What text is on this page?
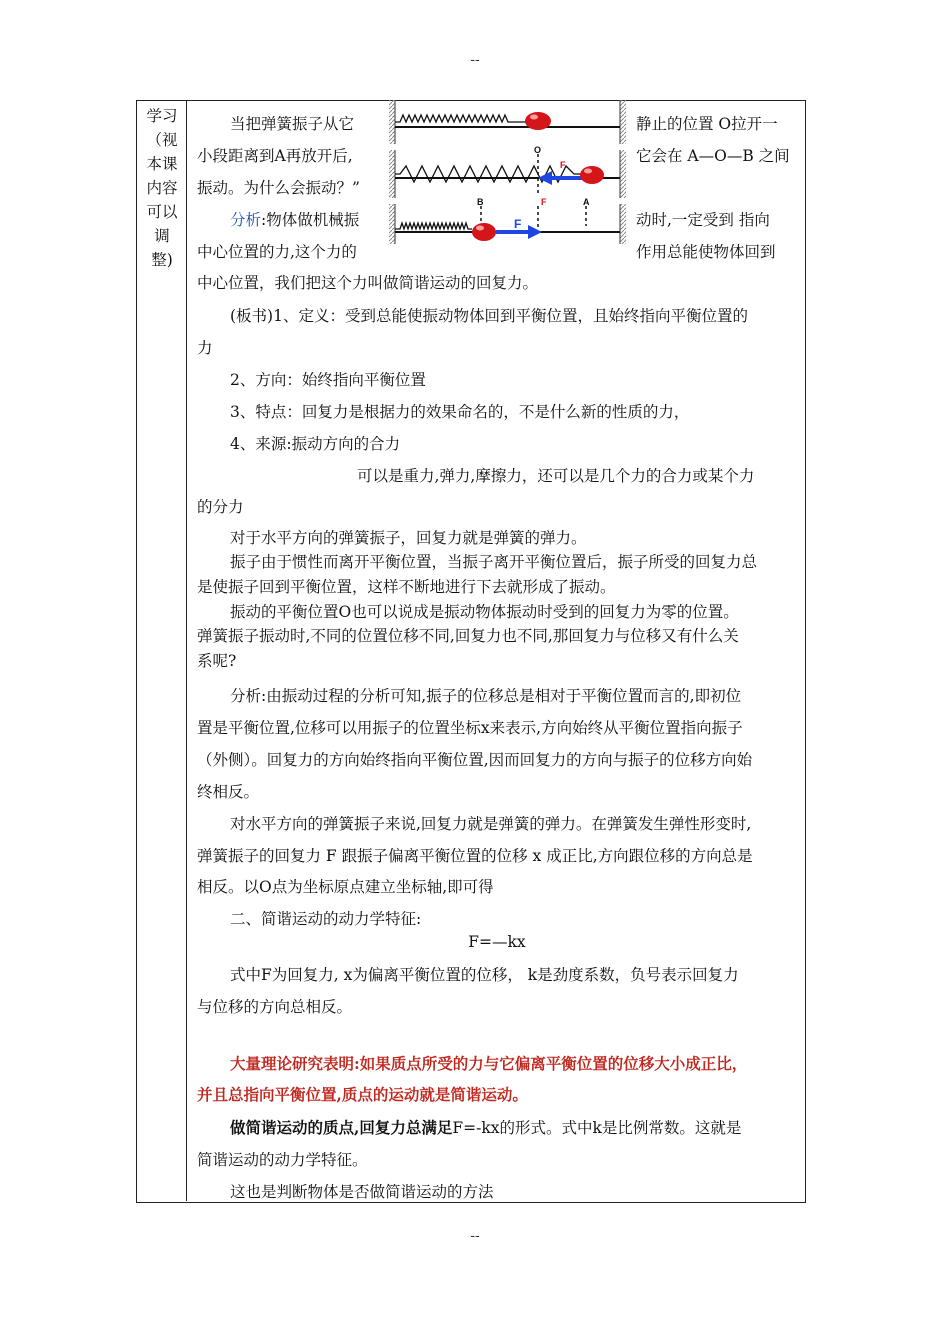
--
学习
（视
本课
内容
可以
调
整)
O
F
B	F	A
F
当把弹簧振子从它	静止的位置 O拉开一
小段距离到A再放开后,	它会在 A—O—B 之间
振动。为什么会振动？”
分析:物体做机械振	动时,一定受到 指向
中心位置的力,这个力的	作用总能使物体回到
中心位置，我们把这个力叫做简谐运动的回复力。
(板书)1、定义：受到总能使振动物体回到平衡位置，且始终指向平衡位置的
力
2、方向：始终指向平衡位置
3、特点：回复力是根据力的效果命名的，不是什么新的性质的力，
4、来源:振动方向的合力
可以是重力,弹力,摩擦力，还可以是几个力的合力或某个力
的分力
对于水平方向的弹簧振子，回复力就是弹簧的弹力。
振子由于惯性而离开平衡位置，当振子离开平衡位置后，振子所受的回复力总
是使振子回到平衡位置，这样不断地进行下去就形成了振动。
振动的平衡位置O也可以说成是振动物体振动时受到的回复力为零的位置。
弹簧振子振动时,不同的位置位移不同,回复力也不同,那回复力与位移又有什么关
系呢?
分析:由振动过程的分析可知,振子的位移总是相对于平衡位置而言的,即初位
置是平衡位置,位移可以用振子的位置坐标x来表示,方向始终从平衡位置指向振子
（外侧）。回复力的方向始终指向平衡位置,因而回复力的方向与振子的位移方向始
终相反。
对水平方向的弹簧振子来说,回复力就是弹簧的弹力。在弹簧发生弹性形变时,
弹簧振子的回复力 F 跟振子偏离平衡位置的位移 x 成正比,方向跟位移的方向总是
相反。以O点为坐标原点建立坐标轴,即可得
二、简谐运动的动力学特征:
F=—kx
式中F为回复力, x为偏离平衡位置的位移， k是劲度系数，负号表示回复力
与位移的方向总相反。
大量理论研究表明:如果质点所受的力与它偏离平衡位置的位移大小成正比，
并且总指向平衡位置,质点的运动就是简谐运动。
做简谐运动的质点,回复力总满足F=-kx的形式。式中k是比例常数。这就是
简谐运动的动力学特征。
这也是判断物体是否做简谐运动的方法
--
